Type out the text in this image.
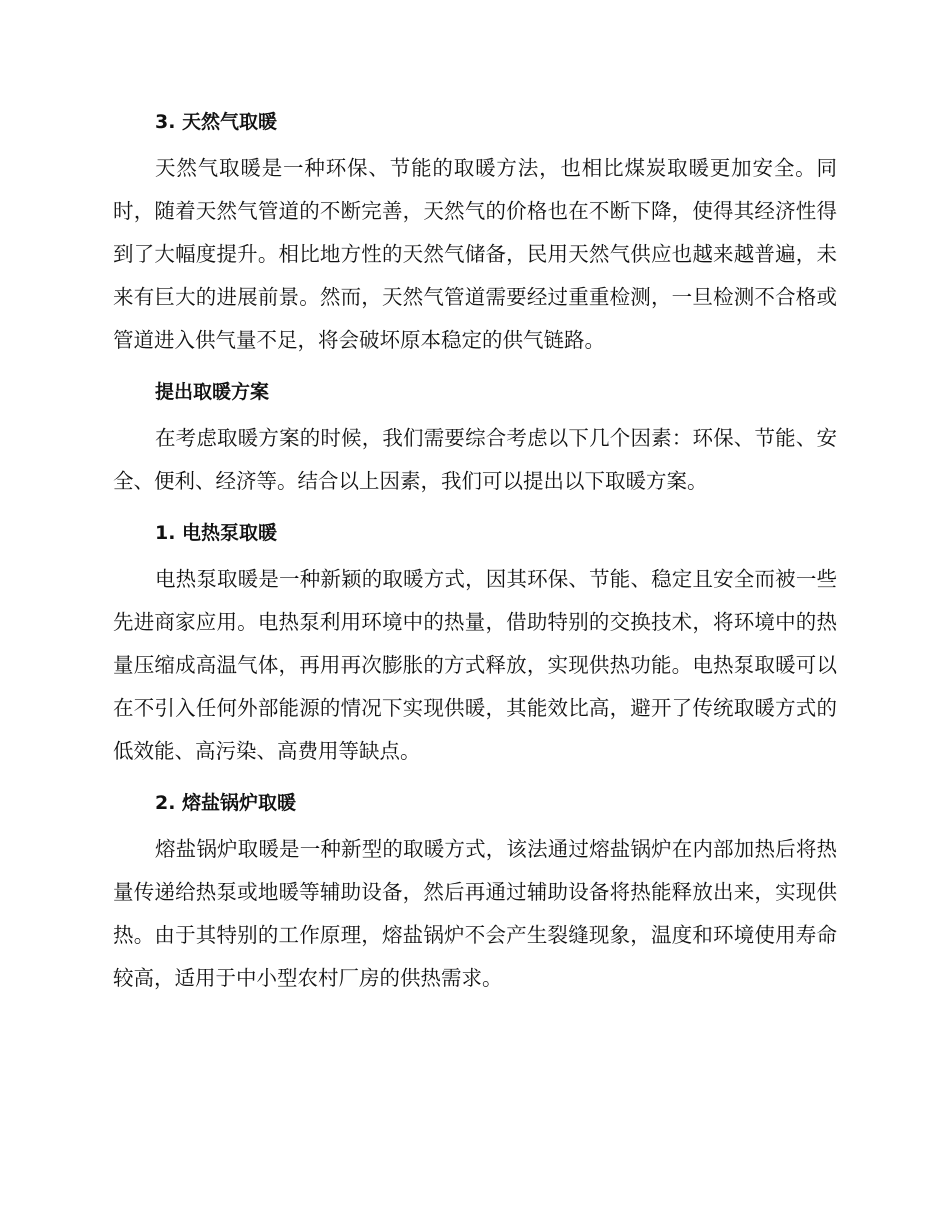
3. 天然气取暖

天然气取暖是一种环保、节能的取暖方法，也相比煤炭取暖更加安全。同时，随着天然气管道的不断完善，天然气的价格也在不断下降，使得其经济性得到了大幅度提升。相比地方性的天然气储备，民用天然气供应也越来越普遍，未来有巨大的进展前景。然而，天然气管道需要经过重重检测，一旦检测不合格或管道进入供气量不足，将会破坏原本稳定的供气链路。

提出取暖方案

在考虑取暖方案的时候，我们需要综合考虑以下几个因素：环保、节能、安全、便利、经济等。结合以上因素，我们可以提出以下取暖方案。

1. 电热泵取暖

电热泵取暖是一种新颖的取暖方式，因其环保、节能、稳定且安全而被一些先进商家应用。电热泵利用环境中的热量，借助特别的交换技术，将环境中的热量压缩成高温气体，再用再次膨胀的方式释放，实现供热功能。电热泵取暖可以在不引入任何外部能源的情况下实现供暖，其能效比高，避开了传统取暖方式的低效能、高污染、高费用等缺点。

2. 熔盐锅炉取暖

熔盐锅炉取暖是一种新型的取暖方式，该法通过熔盐锅炉在内部加热后将热量传递给热泵或地暖等辅助设备，然后再通过辅助设备将热能释放出来，实现供热。由于其特别的工作原理，熔盐锅炉不会产生裂缝现象，温度和环境使用寿命较高，适用于中小型农村厂房的供热需求。
